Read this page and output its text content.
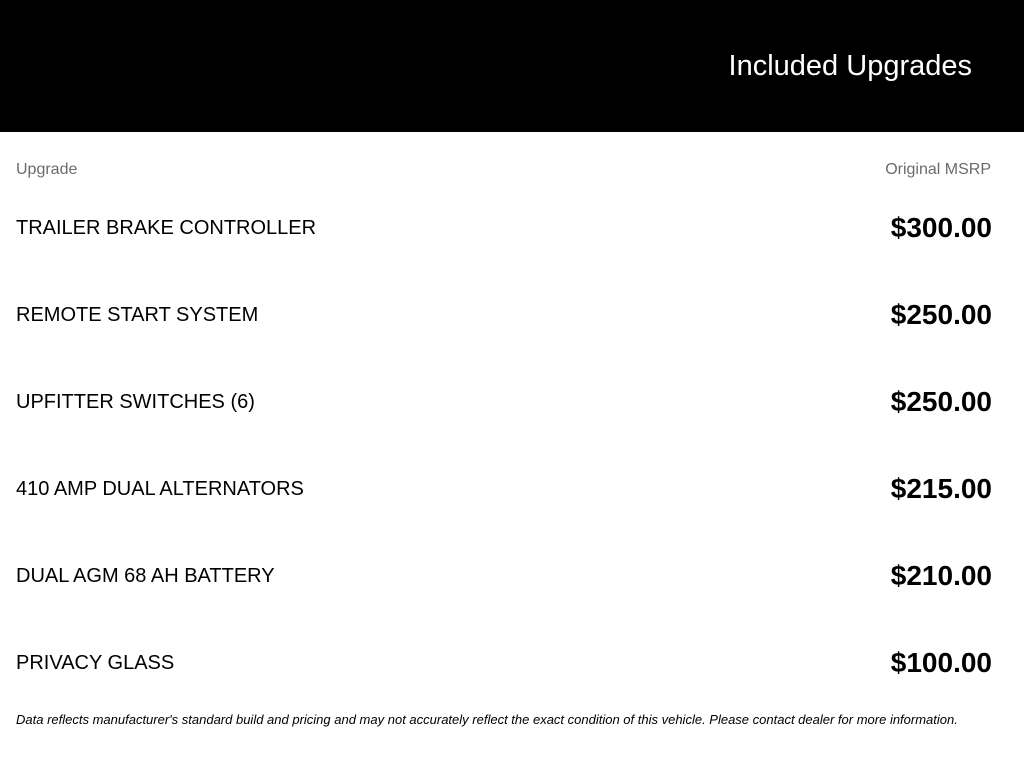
Included Upgrades
Upgrade	Original MSRP
TRAILER BRAKE CONTROLLER	$300.00
REMOTE START SYSTEM	$250.00
UPFITTER SWITCHES (6)	$250.00
410 AMP DUAL ALTERNATORS	$215.00
DUAL AGM 68 AH BATTERY	$210.00
PRIVACY GLASS	$100.00

Data reflects manufacturer's standard build and pricing and may not accurately reflect the exact condition of this vehicle. Please contact dealer for more information.
